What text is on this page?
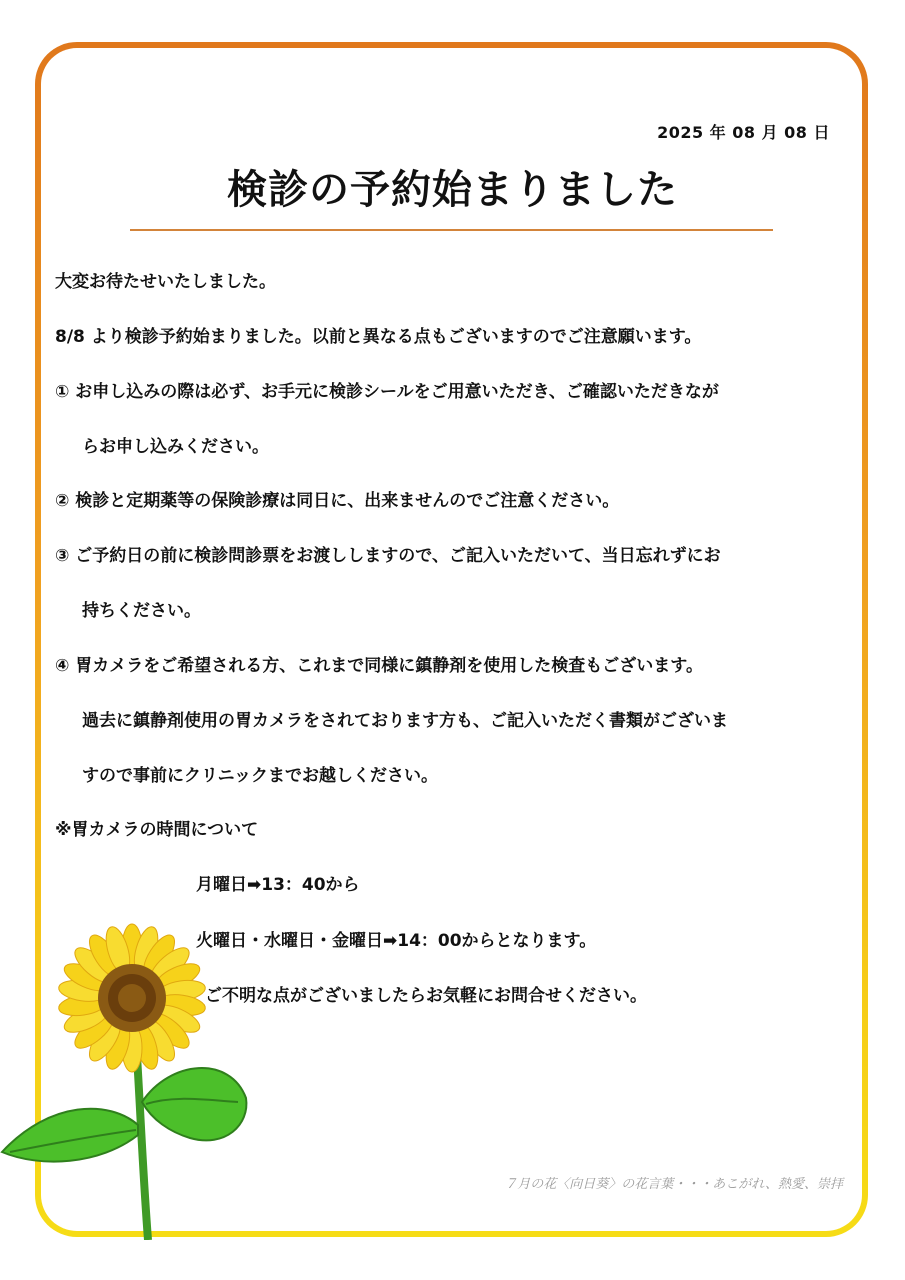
2025 年 08 月 08 日
検診の予約始まりました
大変お待たせいたしました。
8/8 より検診予約始まりました。以前と異なる点もございますのでご注意願います。
① お申し込みの際は必ず、お手元に検診シールをご用意いただき、ご確認いただきなが
らお申し込みください。
② 検診と定期薬等の保険診療は同日に、出来ませんのでご注意ください。
③ ご予約日の前に検診問診票をお渡ししますので、ご記入いただいて、当日忘れずにお
持ちください。
④ 胃カメラをご希望される方、これまで同様に鎮静剤を使用した検査もございます。
過去に鎮静剤使用の胃カメラをされております方も、ご記入いただく書類がございま
すので事前にクリニックまでお越しください。
※胃カメラの時間について
月曜日➡13：40から
火曜日・水曜日・金曜日➡14：00からとなります。
ご不明な点がございましたらお気軽にお問合せください。
７月の花〈向日葵〉の花言葉・・・あこがれ、熱愛、崇拝
